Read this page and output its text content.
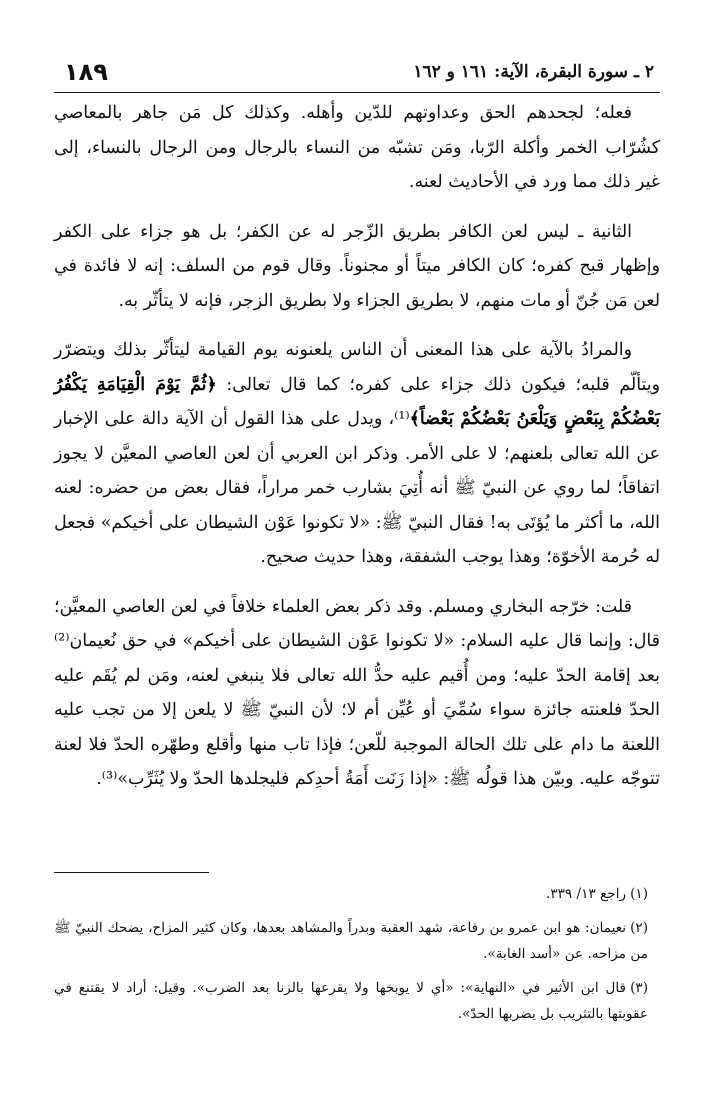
١٨٩	٢ ـ سورة البقرة، الآية: ١٦١ و ١٦٢

فعله؛ لجحدهم الحق وعداوتهم للدّين وأهله. وكذلك كل مَن جاهر بالمعاصي كشُرّاب الخمر وأكلة الرّبا، ومَن تشبّه من النساء بالرجال ومن الرجال بالنساء، إلى غير ذلك مما ورد في الأحاديث لعنه.

الثانية ـ ليس لعن الكافر بطريق الزّجر له عن الكفر؛ بل هو جزاء على الكفر وإظهار قبح كفره؛ كان الكافر ميتاً أو مجنوناً. وقال قوم من السلف: إنه لا فائدة في لعن مَن جُنّ أو مات منهم، لا بطريق الجزاء ولا بطريق الزجر، فإنه لا يتأثّر به.

والمرادُ بالآية على هذا المعنى أن الناس يلعنونه يوم القيامة ليتأثّر بذلك ويتضرّر ويتألّم قلبه؛ فيكون ذلك جزاء على كفره؛ كما قال تعالى: ﴿ثُمَّ يَوْمَ الْقِيَامَةِ يَكْفُرُ بَعْضُكُمْ بِبَعْضٍ وَيَلْعَنُ بَعْضُكُمْ بَعْضاً﴾⁽¹⁾، ويدل على هذا القول أن الآية دالة على الإخبار عن الله تعالى بلعنهم؛ لا على الأمر. وذكر ابن العربي أن لعن العاصي المعيَّن لا يجوز اتفاقاً؛ لما روي عن النبيّ ﷺ أنه أُتِيَ بشارب خمر مراراً، فقال بعض من حضره: لعنه الله، ما أكثر ما يُؤتَى به! فقال النبيّ ﷺ: «لا تكونوا عَوْن الشيطان على أخيكم» فجعل له حُرمة الأخوّة؛ وهذا يوجب الشفقة، وهذا حديث صحيح.

قلت: خرّجه البخاري ومسلم. وقد ذكر بعض العلماء خلافاً في لعن العاصي المعيَّن؛ قال: وإنما قال عليه السلام: «لا تكونوا عَوْن الشيطان على أخيكم» في حق نُعيمان⁽²⁾ بعد إقامة الحدّ عليه؛ ومن أُقيم عليه حدُّ الله تعالى فلا ينبغي لعنه، ومَن لم يُقَم عليه الحدّ فلعنته جائزة سواء سُمِّيَ أو عُيِّن أم لا؛ لأن النبيّ ﷺ لا يلعن إلا من تجب عليه اللعنة ما دام على تلك الحالة الموجبة للّعن؛ فإذا تاب منها وأقلع وطهّره الحدّ فلا لعنة تتوجّه عليه. وبيّن هذا قولُه ﷺ: «إذا زَنَت أَمَةُ أحدِكم فليجلدها الحدّ ولا يُثَرِّب»⁽³⁾.

(١)راجع ١٣/ ٣٣٩.

(٢)نعيمان: هو ابن عمرو بن رفاعة، شهد العقبة وبدراً والمشاهد بعدها، وكان كثير المزاح، يضحك النبيّ ﷺ من مزاحه. عن «أسد الغابة».

(٣)قال ابن الأثير في «النهاية»: «أي لا يوبخها ولا يقرعها بالزنا بعد الضرب». وقيل: أراد لا يقتنع في عقوبتها بالتثريب بل يضربها الحدّ».
